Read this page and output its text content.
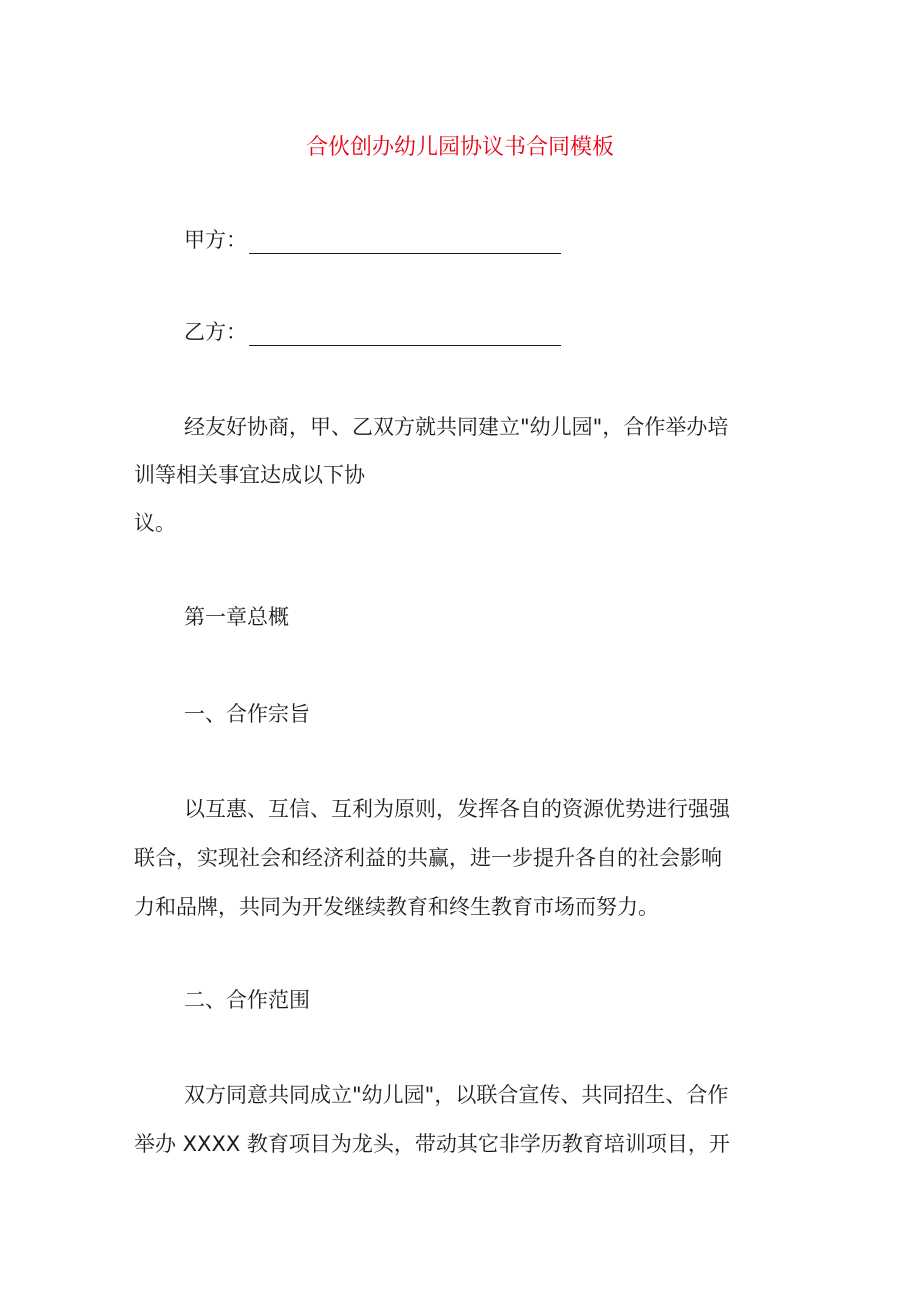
合伙创办幼儿园协议书合同模板
甲方：
乙方：

经友好协商，甲、乙双方就共同建立"幼儿园"，合作举办培

训等相关事宜达成以下协

议。

第一章总概

一、合作宗旨

以互惠、互信、互利为原则，发挥各自的资源优势进行强强

联合，实现社会和经济利益的共赢，进一步提升各自的社会影响

力和品牌，共同为开发继续教育和终生教育市场而努力。

二、合作范围

双方同意共同成立"幼儿园"，以联合宣传、共同招生、合作

举办 XXXX 教育项目为龙头，带动其它非学历教育培训项目，开
